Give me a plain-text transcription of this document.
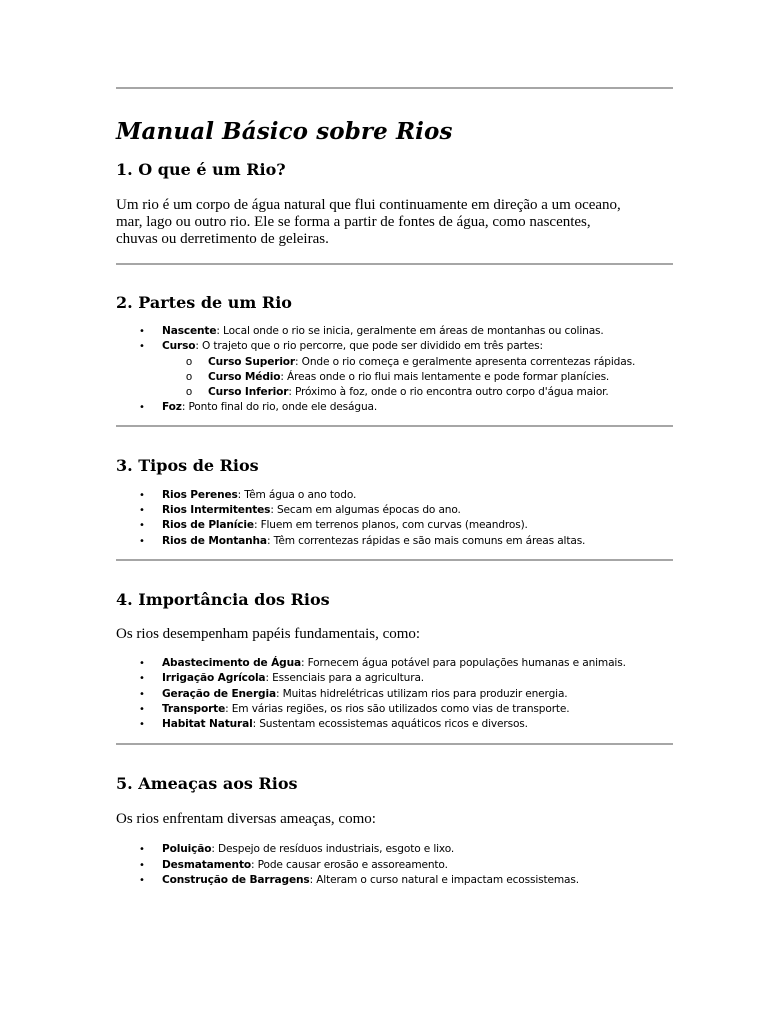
Manual Básico sobre Rios
1. O que é um Rio?

Um rio é um corpo de água natural que flui continuamente em direção a um oceano,
mar, lago ou outro rio. Ele se forma a partir de fontes de água, como nascentes,
chuvas ou derretimento de geleiras.

2. Partes de um Rio
• Nascente: Local onde o rio se inicia, geralmente em áreas de montanhas ou colinas.
• Curso: O trajeto que o rio percorre, que pode ser dividido em três partes:
o Curso Superior: Onde o rio começa e geralmente apresenta correntezas rápidas.
o Curso Médio: Áreas onde o rio flui mais lentamente e pode formar planícies.
o Curso Inferior: Próximo à foz, onde o rio encontra outro corpo d'água maior.
• Foz: Ponto final do rio, onde ele deságua.
3. Tipos de Rios
• Rios Perenes: Têm água o ano todo.
• Rios Intermitentes: Secam em algumas épocas do ano.
• Rios de Planície: Fluem em terrenos planos, com curvas (meandros).
• Rios de Montanha: Têm correntezas rápidas e são mais comuns em áreas altas.
4. Importância dos Rios

Os rios desempenham papéis fundamentais, como:

• Abastecimento de Água: Fornecem água potável para populações humanas e animais.
• Irrigação Agrícola: Essenciais para a agricultura.
• Geração de Energia: Muitas hidrelétricas utilizam rios para produzir energia.
• Transporte: Em várias regiões, os rios são utilizados como vias de transporte.
• Habitat Natural: Sustentam ecossistemas aquáticos ricos e diversos.
5. Ameaças aos Rios

Os rios enfrentam diversas ameaças, como:

• Poluição: Despejo de resíduos industriais, esgoto e lixo.
• Desmatamento: Pode causar erosão e assoreamento.
• Construção de Barragens: Alteram o curso natural e impactam ecossistemas.
